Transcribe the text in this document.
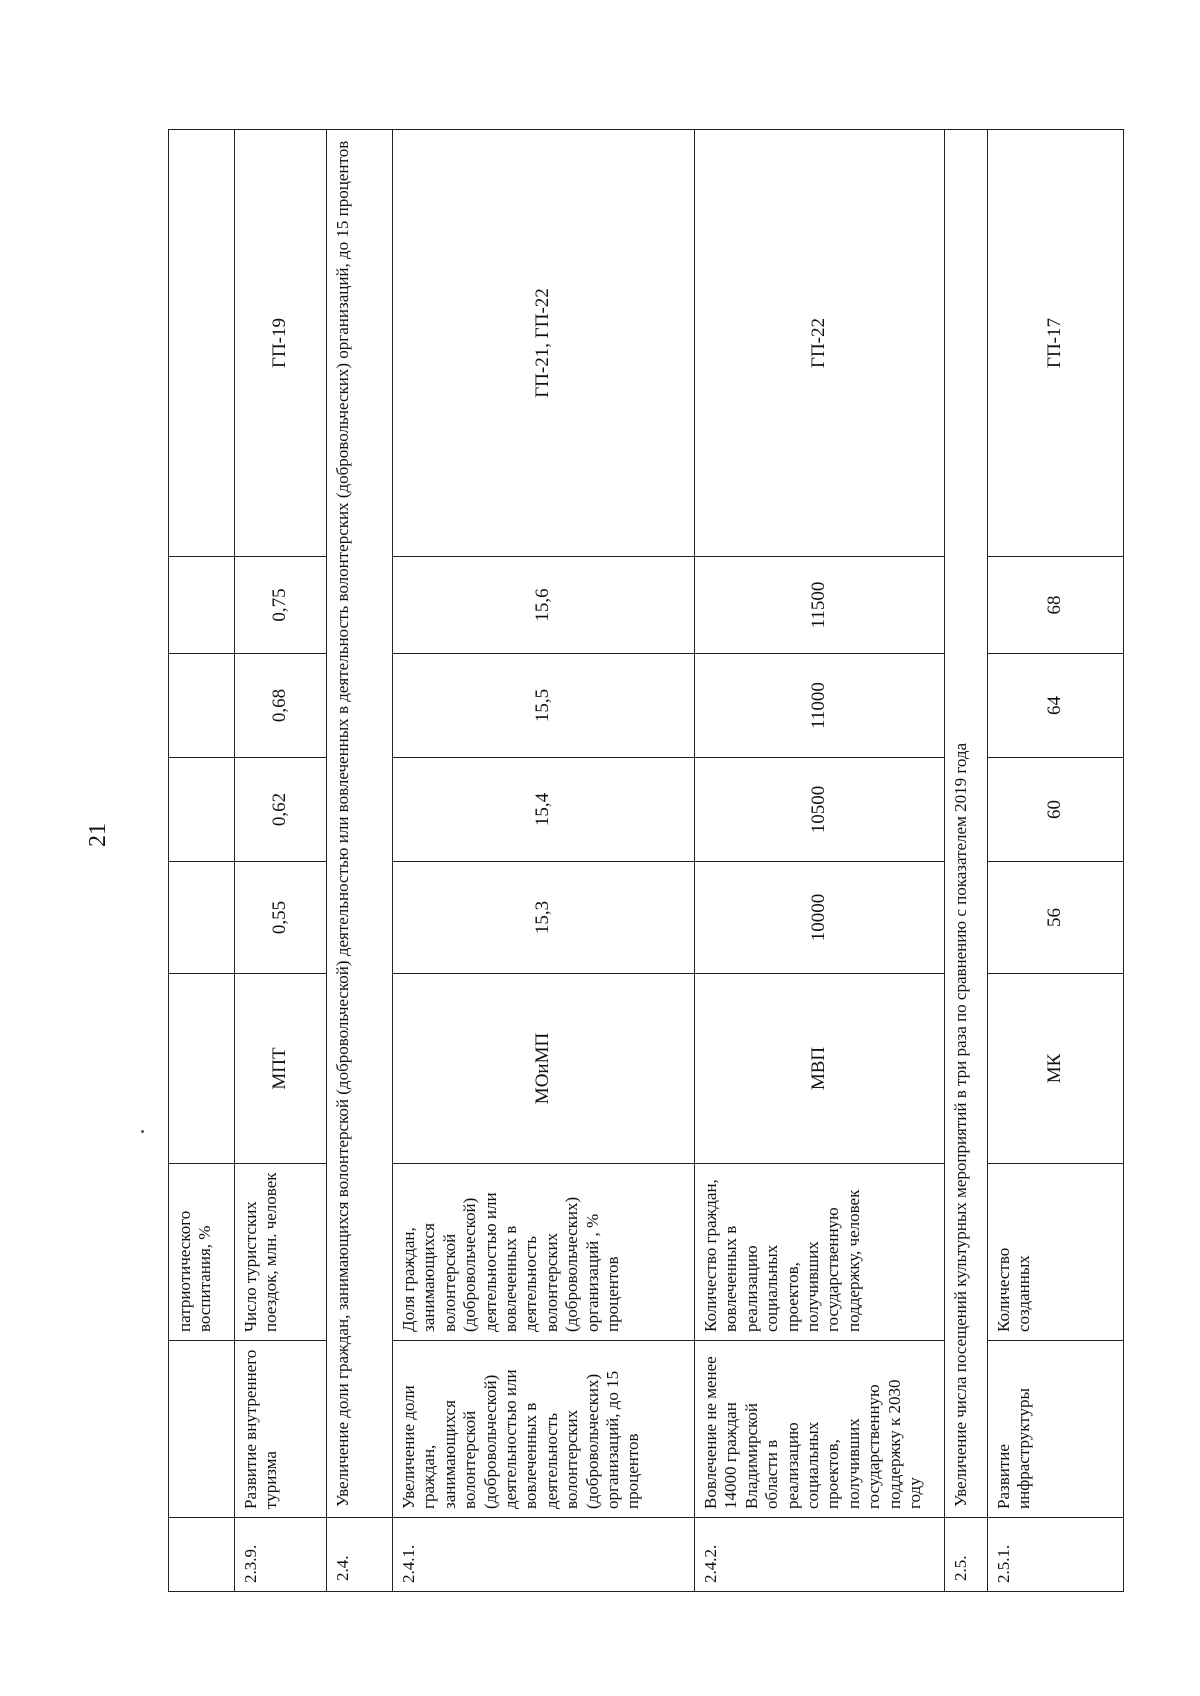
21
		патриотического воспитания, %						
2.3.9.	Развитие внутреннего туризма	Число туристских поездок, млн. человек	МПТ	0,55	0,62	0,68	0,75	ГП-19
2.4.	Увеличение доли граждан, занимающихся волонтерской (добровольческой) деятельностью или вовлеченных в деятельность волонтерских (добровольческих) организаций, до 15 процентов							
2.4.1.	Увеличение доли граждан, занимающихся волонтерской (добровольческой) деятельностью или вовлеченных в деятельность волонтерских (добровольческих) организаций, до 15 процентов	Доля граждан, занимающихся волонтерской (добровольческой) деятельностью или вовлеченных в деятельность волонтерских (добровольческих) организаций , % процентов	МОиМП	15,3	15,4	15,5	15,6	ГП-21, ГП-22
2.4.2.	Вовлечение не менее 14000 граждан Владимирской области в реализацию социальных проектов, получивших государственную поддержку к 2030 году	Количество граждан, вовлеченных в реализацию социальных проектов, получивших государственную поддержку, человек	МВП	10000	10500	11000	11500	ГП-22
2.5.	Увеличение числа посещений культурных мероприятий в три раза по сравнению с показателем 2019 года							
2.5.1.	Развитие инфраструктуры	Количество созданных	МК	56	60	64	68	ГП-17
